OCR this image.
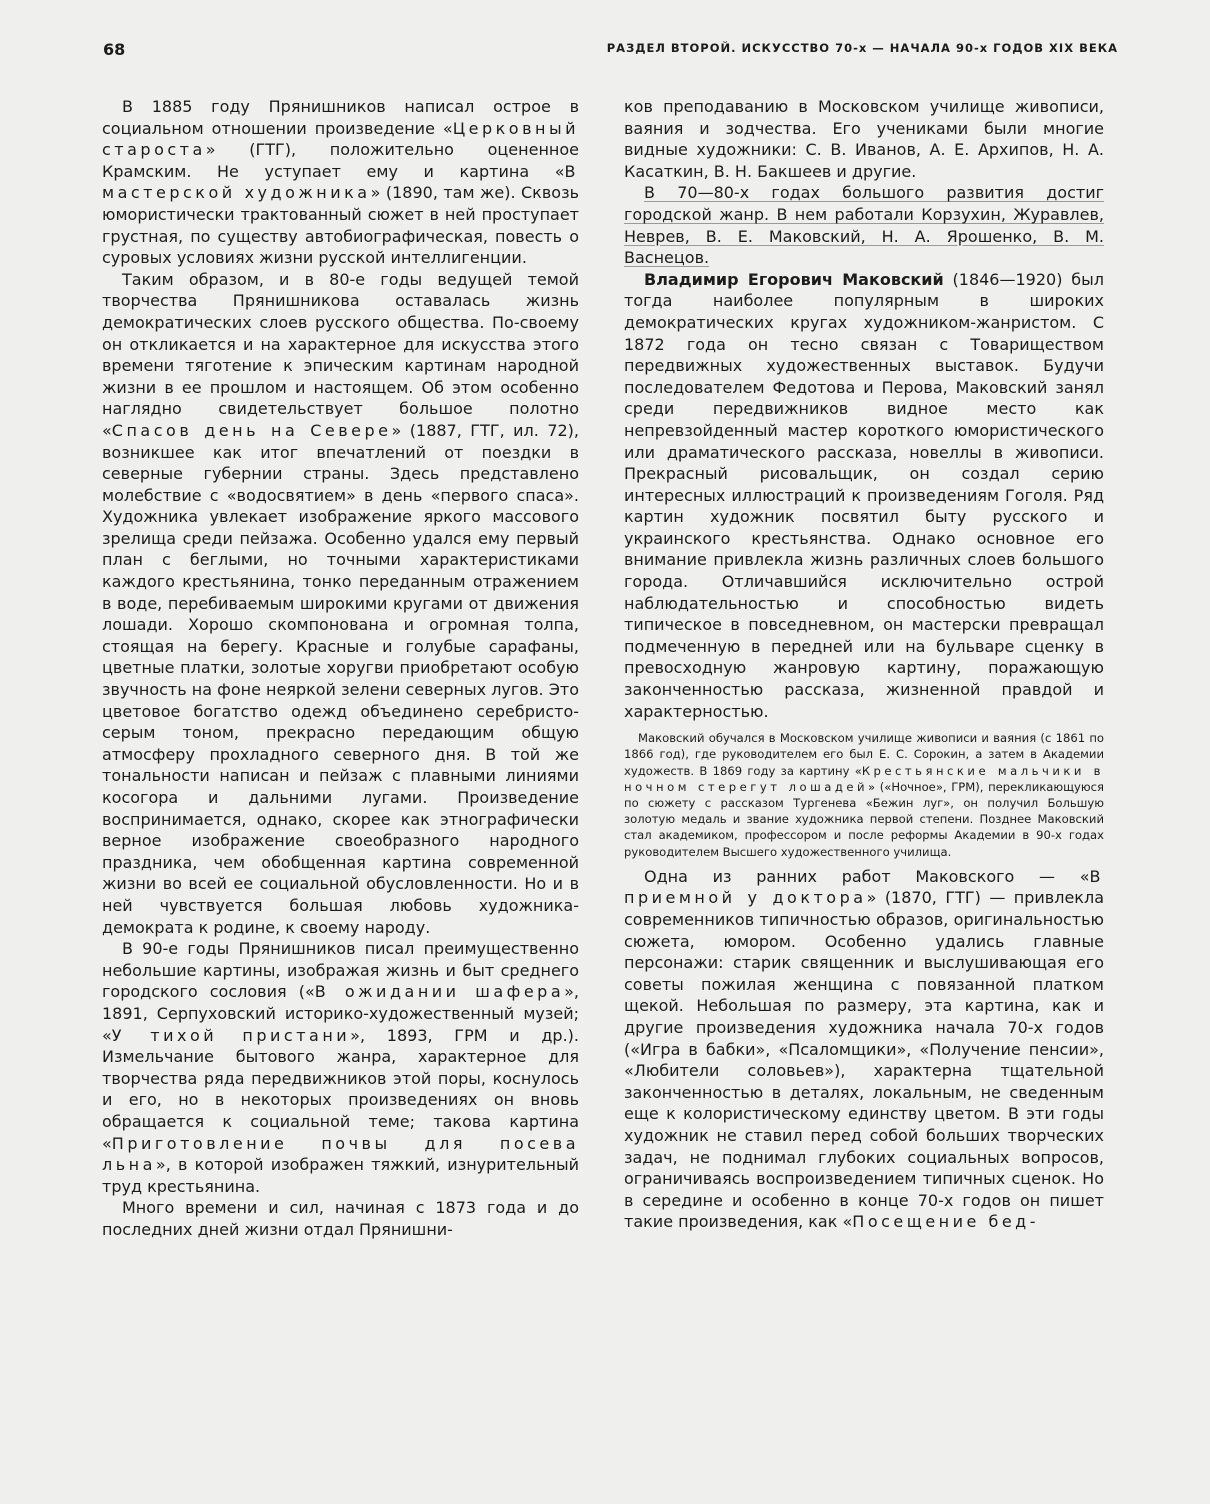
68	РАЗДЕЛ ВТОРОЙ. ИСКУССТВО 70-х — НАЧАЛА 90-х ГОДОВ XIX ВЕКА

В 1885 году Прянишников написал острое в социальном отношении произведение «Церковный староста» (ГТГ), положительно оцененное Крамским. Не уступает ему и картина «В мастерской художника» (1890, там же). Сквозь юмористически трактованный сюжет в ней проступает грустная, по существу автобиографическая, повесть о суровых условиях жизни русской интеллигенции.

Таким образом, и в 80-е годы ведущей темой творчества Прянишникова оставалась жизнь демократических слоев русского общества. По-своему он откликается и на характерное для искусства этого времени тяготение к эпическим картинам народной жизни в ее прошлом и настоящем. Об этом особенно наглядно свидетельствует большое полотно «Спасов день на Севере» (1887, ГТГ, ил. 72), возникшее как итог впечатлений от поездки в северные губернии страны. Здесь представлено молебствие с «водосвятием» в день «первого спаса». Художника увлекает изображение яркого массового зрелища среди пейзажа. Особенно удался ему первый план с беглыми, но точными характеристиками каждого крестьянина, тонко переданным отражением в воде, перебиваемым широкими кругами от движения лошади. Хорошо скомпонована и огромная толпа, стоящая на берегу. Красные и голубые сарафаны, цветные платки, золотые хоругви приобретают особую звучность на фоне неяркой зелени северных лугов. Это цветовое богатство одежд объединено серебристо-серым тоном, прекрасно передающим общую атмосферу прохладного северного дня. В той же тональности написан и пейзаж с плавными линиями косогора и дальними лугами. Произведение воспринимается, однако, скорее как этнографически верное изображение своеобразного народного праздника, чем обобщенная картина современной жизни во всей ее социальной обусловленности. Но и в ней чувствуется большая любовь художника-демократа к родине, к своему народу.

В 90-е годы Прянишников писал преимущественно небольшие картины, изображая жизнь и быт среднего городского сословия («В ожидании шафера», 1891, Серпуховский историко-художественный музей; «У тихой пристани», 1893, ГРМ и др.). Измельчание бытового жанра, характерное для творчества ряда передвижников этой поры, коснулось и его, но в некоторых произведениях он вновь обращается к социальной теме; такова картина «Приготовление почвы для посева льна», в которой изображен тяжкий, изнурительный труд крестьянина.

Много времени и сил, начиная с 1873 года и до последних дней жизни отдал Прянишни-

ков преподаванию в Московском училище живописи, ваяния и зодчества. Его учениками были многие видные художники: С. В. Иванов, А. Е. Архипов, Н. А. Касаткин, В. Н. Бакшеев и другие.

В 70—80-х годах большого развития достиг городской жанр. В нем работали Корзухин, Журавлев, Неврев, В. Е. Маковский, Н. А. Ярошенко, В. М. Васнецов.

Владимир Егорович Маковский (1846—1920) был тогда наиболее популярным в широких демократических кругах художником-жанристом. С 1872 года он тесно связан с Товариществом передвижных художественных выставок. Будучи последователем Федотова и Перова, Маковский занял среди передвижников видное место как непревзойденный мастер короткого юмористического или драматического рассказа, новеллы в живописи. Прекрасный рисовальщик, он создал серию интересных иллюстраций к произведениям Гоголя. Ряд картин художник посвятил быту русского и украинского крестьянства. Однако основное его внимание привлекла жизнь различных слоев большого города. Отличавшийся исключительно острой наблюдательностью и способностью видеть типическое в повседневном, он мастерски превращал подмеченную в передней или на бульваре сценку в превосходную жанровую картину, поражающую законченностью рассказа, жизненной правдой и характерностью.

Маковский обучался в Московском училище живописи и ваяния (с 1861 по 1866 год), где руководителем его был Е. С. Сорокин, а затем в Академии художеств. В 1869 году за картину «Крестьянские мальчики в ночном стерегут лошадей» («Ночное», ГРМ), перекликающуюся по сюжету с рассказом Тургенева «Бежин луг», он получил Большую золотую медаль и звание художника первой степени. Позднее Маковский стал академиком, профессором и после реформы Академии в 90-х годах руководителем Высшего художественного училища.

Одна из ранних работ Маковского — «В приемной у доктора» (1870, ГТГ) — привлекла современников типичностью образов, оригинальностью сюжета, юмором. Особенно удались главные персонажи: старик священник и выслушивающая его советы пожилая женщина с повязанной платком щекой. Небольшая по размеру, эта картина, как и другие произведения художника начала 70-х годов («Игра в бабки», «Псаломщики», «Получение пенсии», «Любители соловьев»), характерна тщательной законченностью в деталях, локальным, не сведенным еще к колористическому единству цветом. В эти годы художник не ставил перед собой больших творческих задач, не поднимал глубоких социальных вопросов, ограничиваясь воспроизведением типичных сценок. Но в середине и особенно в конце 70-х годов он пишет такие произведения, как «Посещение бед-
